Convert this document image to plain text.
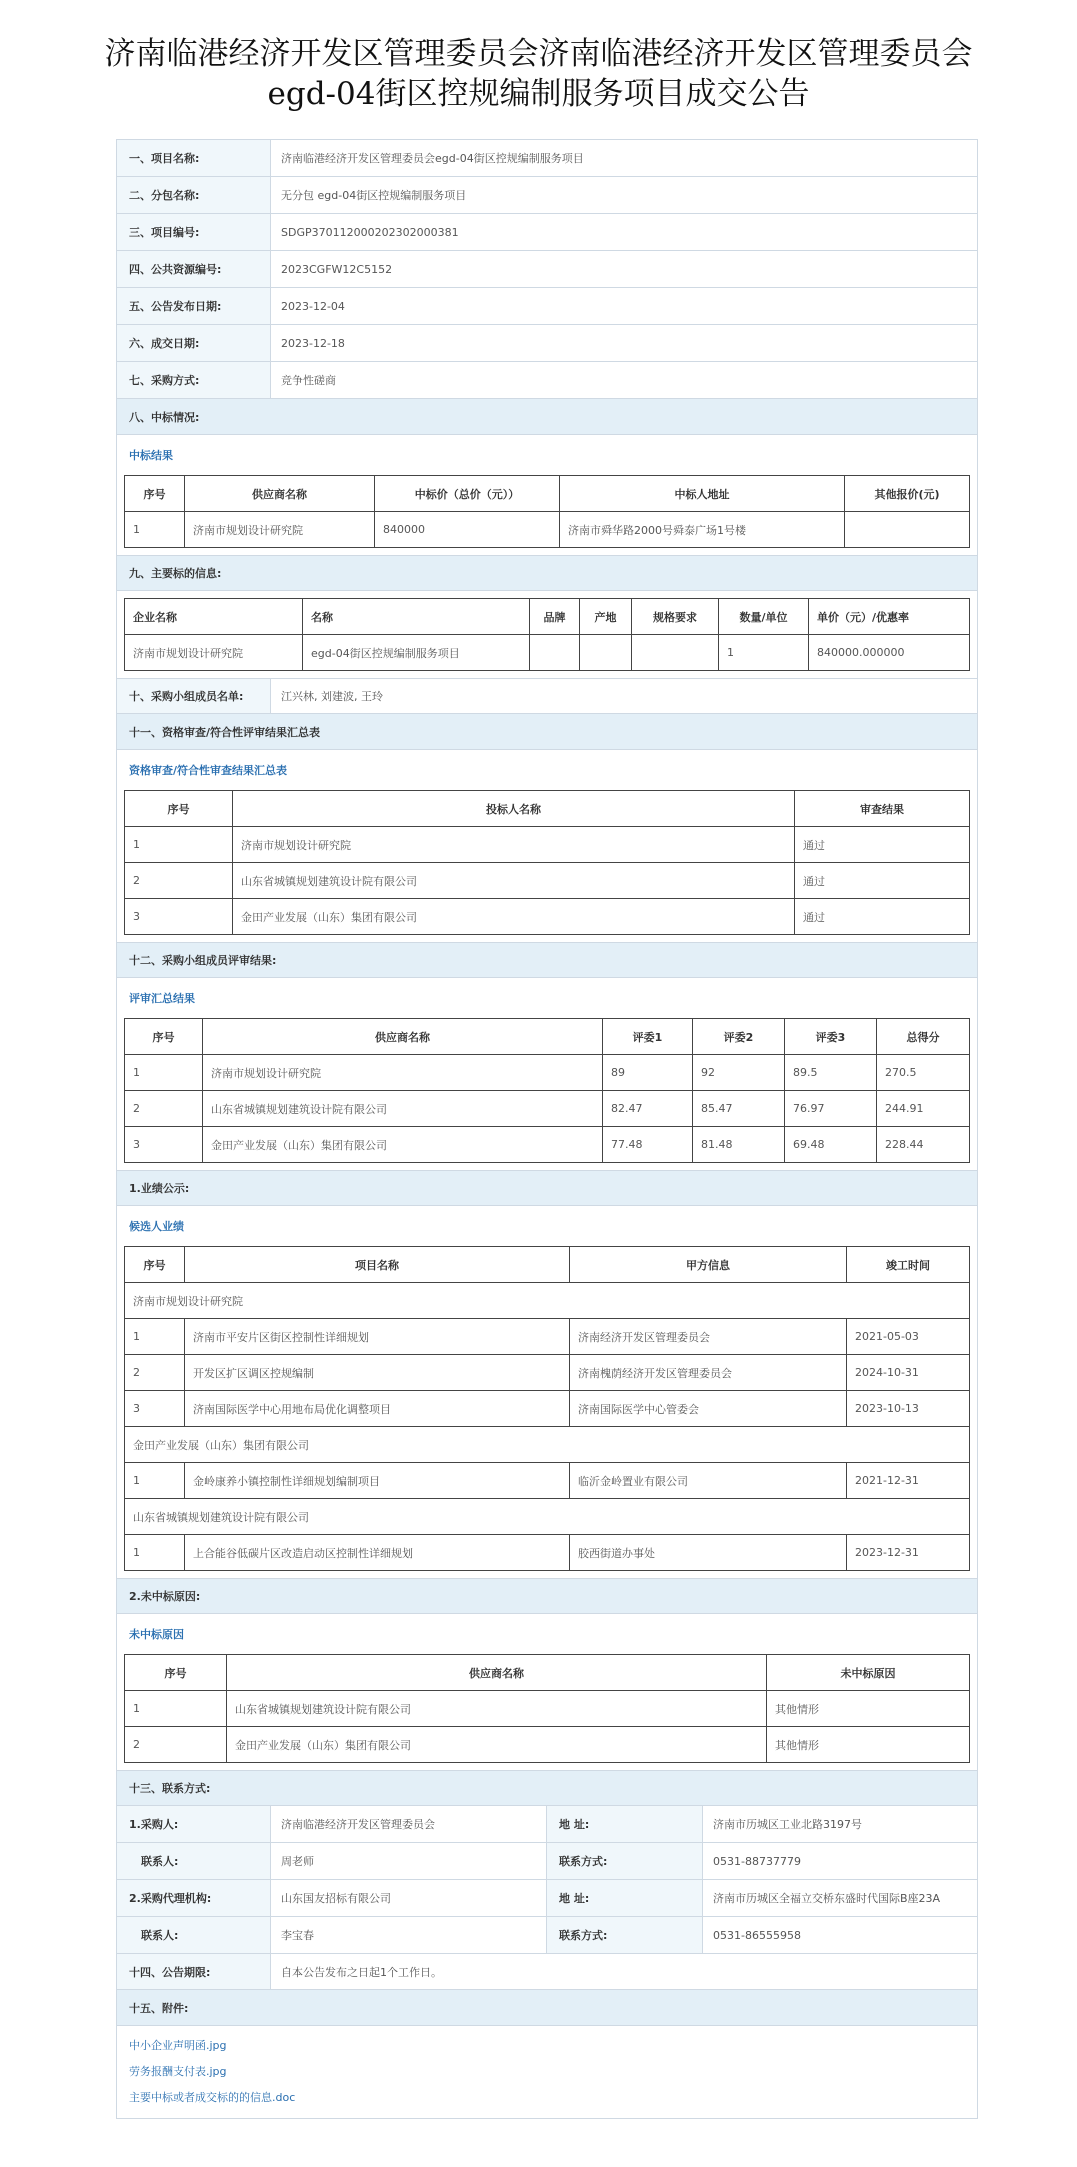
济南临港经济开发区管理委员会济南临港经济开发区管理委员会
egd-04街区控规编制服务项目成交公告
一、项目名称:	济南临港经济开发区管理委员会egd-04街区控规编制服务项目
二、分包名称:	无分包 egd-04街区控规编制服务项目
三、项目编号:	SDGP370112000202302000381
四、公共资源编号:	2023CGFW12C5152
五、公告发布日期:	2023-12-04
六、成交日期:	2023-12-18
七、采购方式:	竞争性磋商
八、中标情况:
中标结果
序号	供应商名称	中标价（总价（元））	中标人地址	其他报价(元)
1	济南市规划设计研究院	840000	济南市舜华路2000号舜泰广场1号楼	
九、主要标的信息:
企业名称	名称	品牌	产地	规格要求	数量/单位	单价（元）/优惠率
济南市规划设计研究院	egd-04街区控规编制服务项目				1	840000.000000
十、采购小组成员名单:	江兴林, 刘建波, 王玲
十一、资格审查/符合性评审结果汇总表
资格审查/符合性审查结果汇总表
序号	投标人名称	审查结果
1	济南市规划设计研究院	通过
2	山东省城镇规划建筑设计院有限公司	通过
3	金田产业发展（山东）集团有限公司	通过
十二、采购小组成员评审结果:
评审汇总结果
序号	供应商名称	评委1	评委2	评委3	总得分
1	济南市规划设计研究院	89	92	89.5	270.5
2	山东省城镇规划建筑设计院有限公司	82.47	85.47	76.97	244.91
3	金田产业发展（山东）集团有限公司	77.48	81.48	69.48	228.44
1.业绩公示:
候选人业绩
序号	项目名称	甲方信息	竣工时间
济南市规划设计研究院			
1	济南市平安片区街区控制性详细规划	济南经济开发区管理委员会	2021-05-03
2	开发区扩区调区控规编制	济南槐荫经济开发区管理委员会	2024-10-31
3	济南国际医学中心用地布局优化调整项目	济南国际医学中心管委会	2023-10-13
金田产业发展（山东）集团有限公司			
1	金岭康养小镇控制性详细规划编制项目	临沂金岭置业有限公司	2021-12-31
山东省城镇规划建筑设计院有限公司			
1	上合能谷低碳片区改造启动区控制性详细规划	胶西街道办事处	2023-12-31
2.未中标原因:
未中标原因
序号	供应商名称	未中标原因
1	山东省城镇规划建筑设计院有限公司	其他情形
2	金田产业发展（山东）集团有限公司	其他情形
十三、联系方式:
1.采购人:	济南临港经济开发区管理委员会	地 址:	济南市历城区工业北路3197号
联系人:	周老师	联系方式:	0531-88737779
2.采购代理机构:	山东国友招标有限公司	地 址:	济南市历城区全福立交桥东盛时代国际B座23A
联系人:	李宝春	联系方式:	0531-86555958
十四、公告期限:	自本公告发布之日起1个工作日。
十五、附件:
中小企业声明函.jpg
劳务报酬支付表.jpg
主要中标或者成交标的的信息.doc
